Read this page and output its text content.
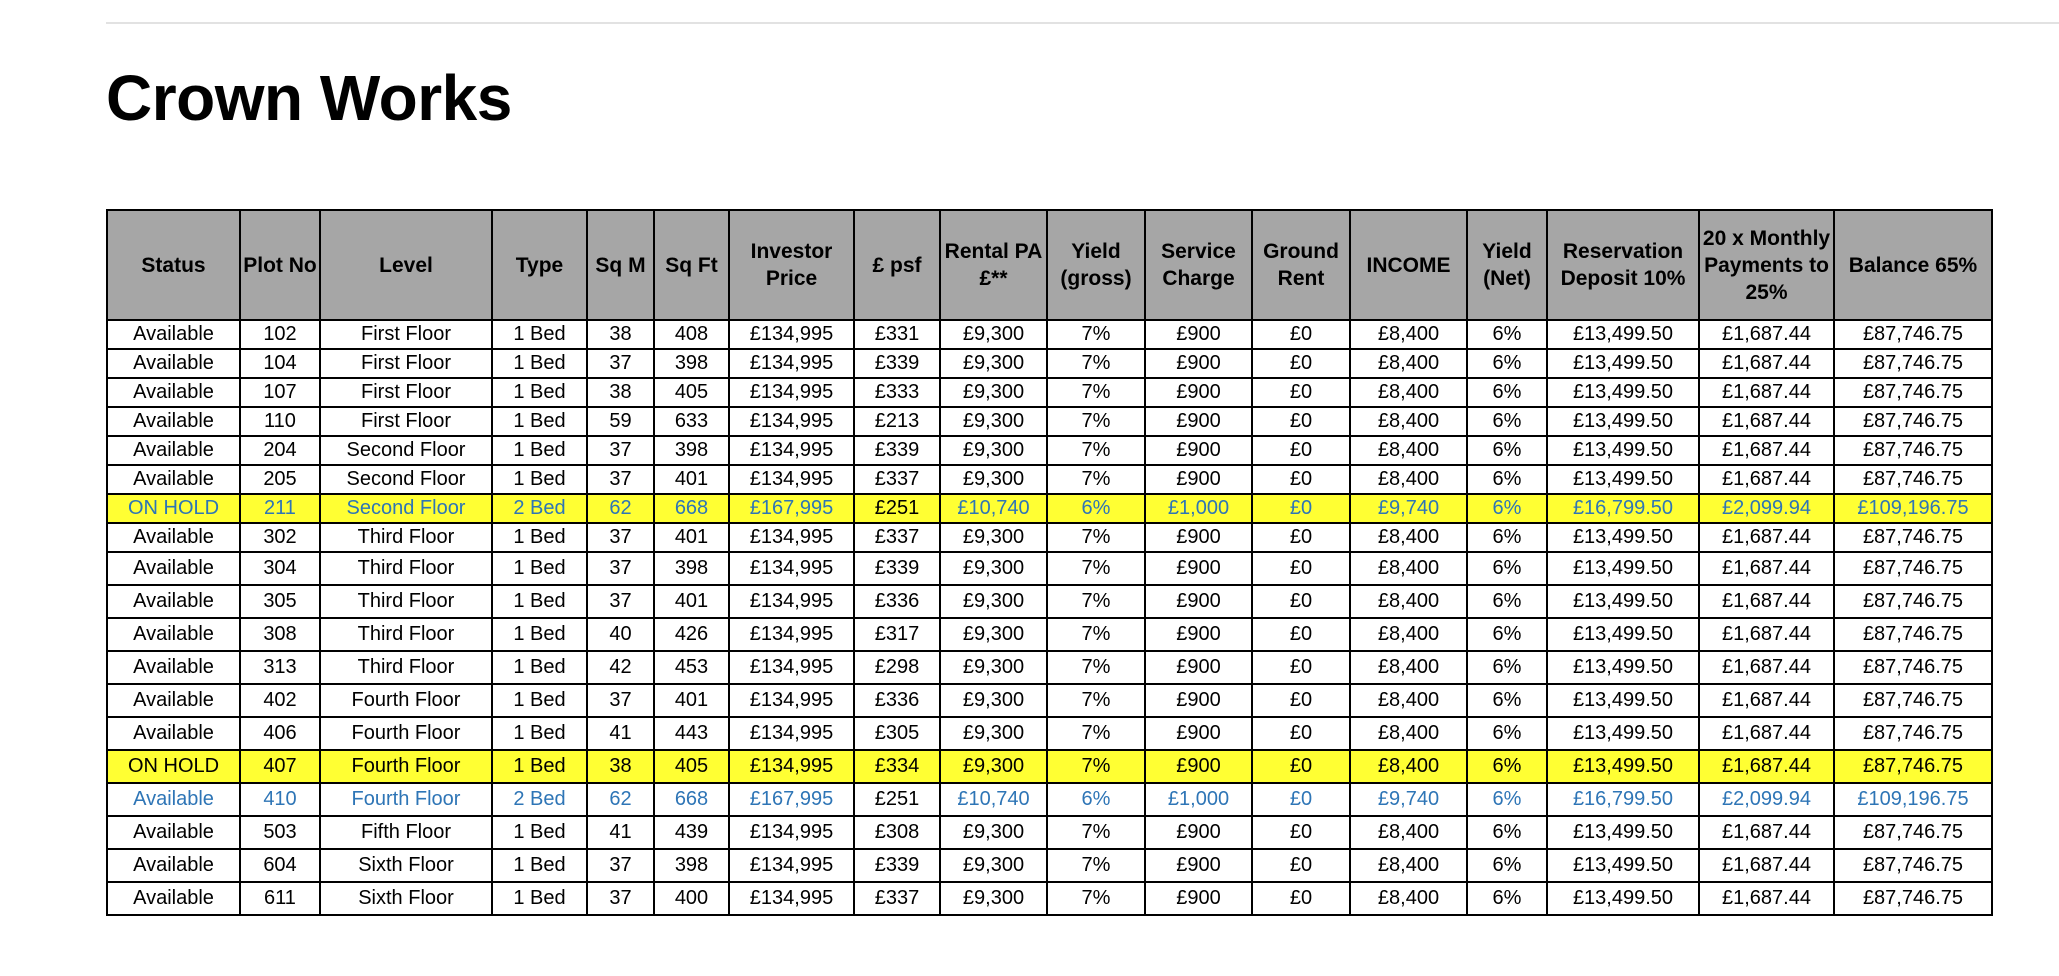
Crown Works
Status	Plot No	Level	Type	Sq M	Sq Ft	Investor Price	£ psf	Rental PA £**	Yield (gross)	Service Charge	Ground Rent	INCOME	Yield (Net)	Reservation Deposit 10%	20 x Monthly Payments to 25%	Balance 65%
Available	102	First Floor	1 Bed	38	408	£134,995	£331	£9,300	7%	£900	£0	£8,400	6%	£13,499.50	£1,687.44	£87,746.75
Available	104	First Floor	1 Bed	37	398	£134,995	£339	£9,300	7%	£900	£0	£8,400	6%	£13,499.50	£1,687.44	£87,746.75
Available	107	First Floor	1 Bed	38	405	£134,995	£333	£9,300	7%	£900	£0	£8,400	6%	£13,499.50	£1,687.44	£87,746.75
Available	110	First Floor	1 Bed	59	633	£134,995	£213	£9,300	7%	£900	£0	£8,400	6%	£13,499.50	£1,687.44	£87,746.75
Available	204	Second Floor	1 Bed	37	398	£134,995	£339	£9,300	7%	£900	£0	£8,400	6%	£13,499.50	£1,687.44	£87,746.75
Available	205	Second Floor	1 Bed	37	401	£134,995	£337	£9,300	7%	£900	£0	£8,400	6%	£13,499.50	£1,687.44	£87,746.75
ON HOLD	211	Second Floor	2 Bed	62	668	£167,995	£251	£10,740	6%	£1,000	£0	£9,740	6%	£16,799.50	£2,099.94	£109,196.75
Available	302	Third Floor	1 Bed	37	401	£134,995	£337	£9,300	7%	£900	£0	£8,400	6%	£13,499.50	£1,687.44	£87,746.75
Available	304	Third Floor	1 Bed	37	398	£134,995	£339	£9,300	7%	£900	£0	£8,400	6%	£13,499.50	£1,687.44	£87,746.75
Available	305	Third Floor	1 Bed	37	401	£134,995	£336	£9,300	7%	£900	£0	£8,400	6%	£13,499.50	£1,687.44	£87,746.75
Available	308	Third Floor	1 Bed	40	426	£134,995	£317	£9,300	7%	£900	£0	£8,400	6%	£13,499.50	£1,687.44	£87,746.75
Available	313	Third Floor	1 Bed	42	453	£134,995	£298	£9,300	7%	£900	£0	£8,400	6%	£13,499.50	£1,687.44	£87,746.75
Available	402	Fourth Floor	1 Bed	37	401	£134,995	£336	£9,300	7%	£900	£0	£8,400	6%	£13,499.50	£1,687.44	£87,746.75
Available	406	Fourth Floor	1 Bed	41	443	£134,995	£305	£9,300	7%	£900	£0	£8,400	6%	£13,499.50	£1,687.44	£87,746.75
ON HOLD	407	Fourth Floor	1 Bed	38	405	£134,995	£334	£9,300	7%	£900	£0	£8,400	6%	£13,499.50	£1,687.44	£87,746.75
Available	410	Fourth Floor	2 Bed	62	668	£167,995	£251	£10,740	6%	£1,000	£0	£9,740	6%	£16,799.50	£2,099.94	£109,196.75
Available	503	Fifth Floor	1 Bed	41	439	£134,995	£308	£9,300	7%	£900	£0	£8,400	6%	£13,499.50	£1,687.44	£87,746.75
Available	604	Sixth Floor	1 Bed	37	398	£134,995	£339	£9,300	7%	£900	£0	£8,400	6%	£13,499.50	£1,687.44	£87,746.75
Available	611	Sixth Floor	1 Bed	37	400	£134,995	£337	£9,300	7%	£900	£0	£8,400	6%	£13,499.50	£1,687.44	£87,746.75
